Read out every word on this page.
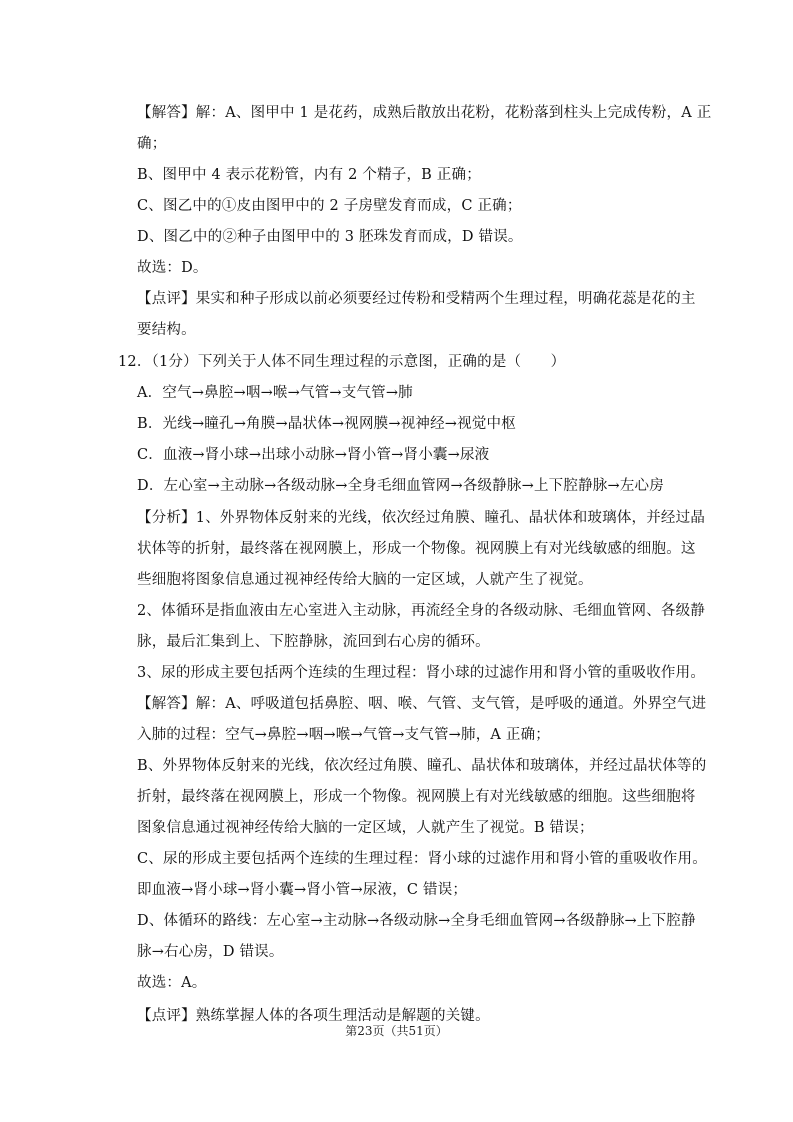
【解答】解：A、图甲中 1 是花药，成熟后散放出花粉，花粉落到柱头上完成传粉，A 正
确；
B、图甲中 4 表示花粉管，内有 2 个精子，B 正确；
C、图乙中的①皮由图甲中的 2 子房壁发育而成，C 正确；
D、图乙中的②种子由图甲中的 3 胚珠发育而成，D 错误。
故选：D。
【点评】果实和种子形成以前必须要经过传粉和受精两个生理过程，明确花蕊是花的主
要结构。
12．（1分）下列关于人体不同生理过程的示意图，正确的是（　　）
A．空气→鼻腔→咽→喉→气管→支气管→肺
B．光线→瞳孔→角膜→晶状体→视网膜→视神经→视觉中枢
C．血液→肾小球→出球小动脉→肾小管→肾小囊→尿液
D．左心室→主动脉→各级动脉→全身毛细血管网→各级静脉→上下腔静脉→左心房
【分析】1、外界物体反射来的光线，依次经过角膜、瞳孔、晶状体和玻璃体，并经过晶
状体等的折射，最终落在视网膜上，形成一个物像。视网膜上有对光线敏感的细胞。这
些细胞将图象信息通过视神经传给大脑的一定区域，人就产生了视觉。
2、体循环是指血液由左心室进入主动脉，再流经全身的各级动脉、毛细血管网、各级静
脉，最后汇集到上、下腔静脉，流回到右心房的循环。
3、尿的形成主要包括两个连续的生理过程：肾小球的过滤作用和肾小管的重吸收作用。
【解答】解：A、呼吸道包括鼻腔、咽、喉、气管、支气管，是呼吸的通道。外界空气进
入肺的过程：空气→鼻腔→咽→喉→气管→支气管→肺，A 正确；
B、外界物体反射来的光线，依次经过角膜、瞳孔、晶状体和玻璃体，并经过晶状体等的
折射，最终落在视网膜上，形成一个物像。视网膜上有对光线敏感的细胞。这些细胞将
图象信息通过视神经传给大脑的一定区域，人就产生了视觉。B 错误；
C、尿的形成主要包括两个连续的生理过程：肾小球的过滤作用和肾小管的重吸收作用。
即血液→肾小球→肾小囊→肾小管→尿液，C 错误；
D、体循环的路线：左心室→主动脉→各级动脉→全身毛细血管网→各级静脉→上下腔静
脉→右心房，D 错误。
故选：A。
【点评】熟练掌握人体的各项生理活动是解题的关键。
第23页（共51页）
